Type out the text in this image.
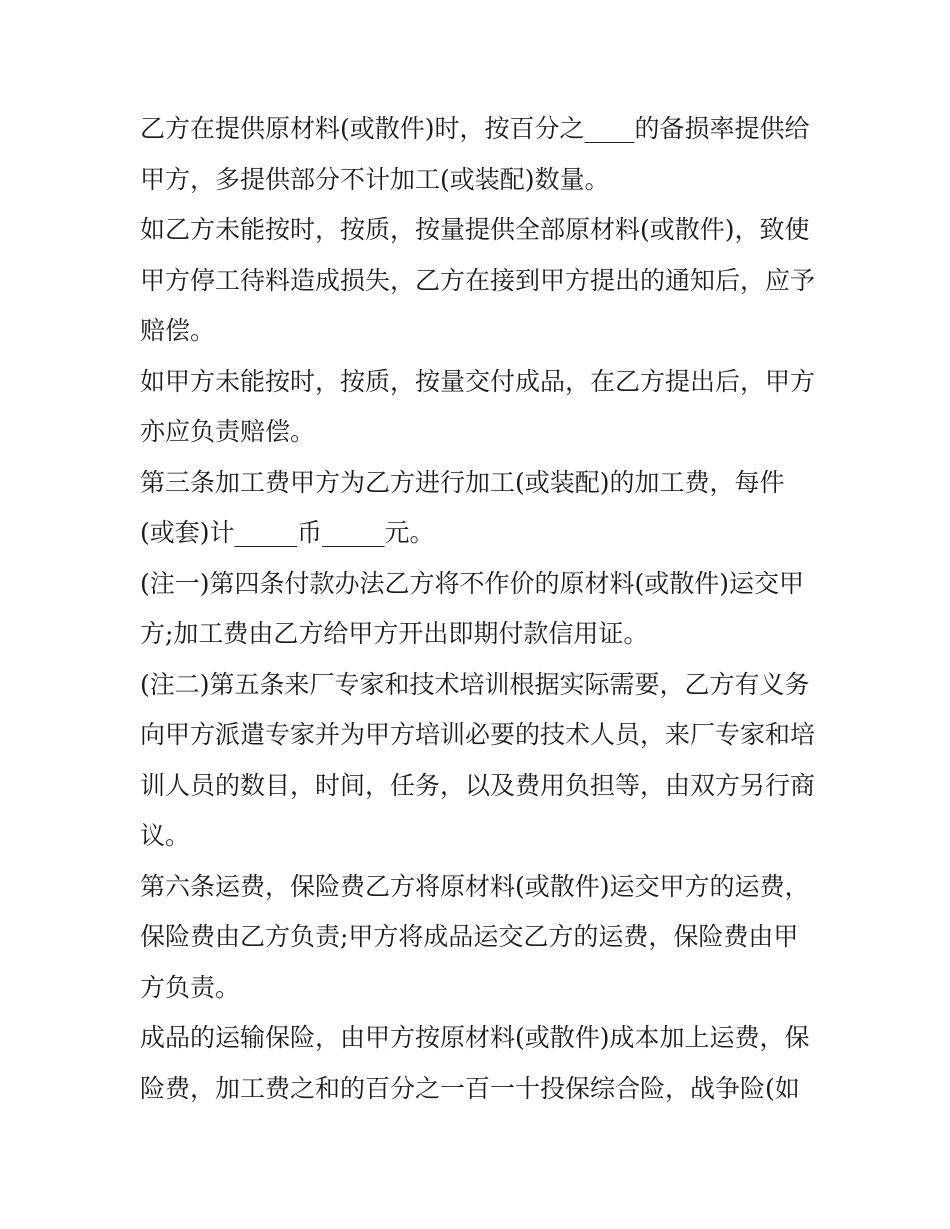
乙方在提供原材料(或散件)时，按百分之____的备损率提供给
甲方，多提供部分不计加工(或装配)数量。
如乙方未能按时，按质，按量提供全部原材料(或散件)，致使
甲方停工待料造成损失，乙方在接到甲方提出的通知后，应予
赔偿。
如甲方未能按时，按质，按量交付成品，在乙方提出后，甲方
亦应负责赔偿。
第三条加工费甲方为乙方进行加工(或装配)的加工费，每件
(或套)计_____币_____元。
(注一)第四条付款办法乙方将不作价的原材料(或散件)运交甲
方;加工费由乙方给甲方开出即期付款信用证。
(注二)第五条来厂专家和技术培训根据实际需要，乙方有义务
向甲方派遣专家并为甲方培训必要的技术人员，来厂专家和培
训人员的数目，时间，任务，以及费用负担等，由双方另行商
议。
第六条运费，保险费乙方将原材料(或散件)运交甲方的运费，
保险费由乙方负责;甲方将成品运交乙方的运费，保险费由甲
方负责。
成品的运输保险，由甲方按原材料(或散件)成本加上运费，保
险费，加工费之和的百分之一百一十投保综合险，战争险(如
